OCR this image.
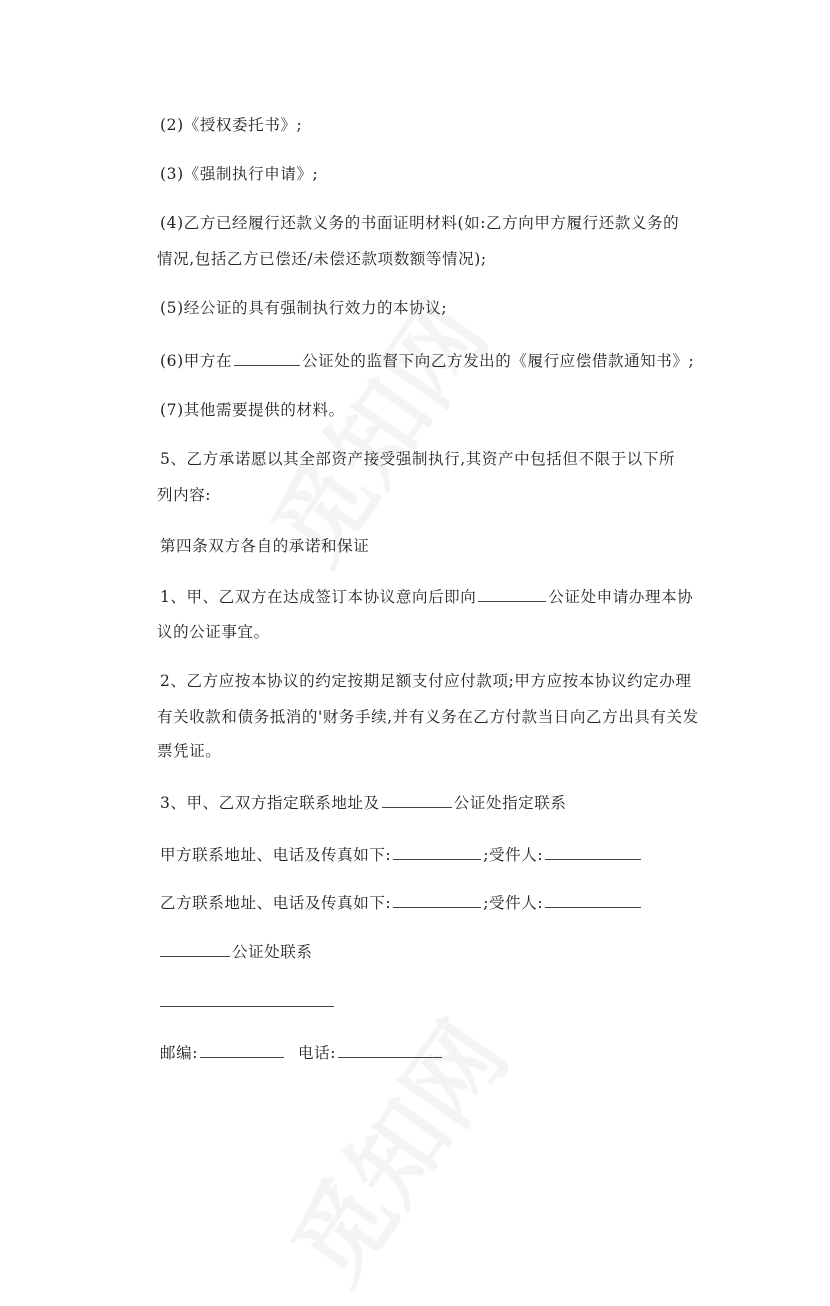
(2)《授权委托书》;
(3)《强制执行申请》;
(4)乙方已经履行还款义务的书面证明材料(如:乙方向甲方履行还款义务的
情况,包括乙方已偿还/未偿还款项数额等情况);
(5)经公证的具有强制执行效力的本协议;
(6)甲方在	公证处的监督下向乙方发出的《履行应偿借款通知书》;
(7)其他需要提供的材料。
5、乙方承诺愿以其全部资产接受强制执行,其资产中包括但不限于以下所
列内容:
第四条双方各自的承诺和保证
1、甲、乙双方在达成签订本协议意向后即向	公证处申请办理本协
议的公证事宜。
2、乙方应按本协议的约定按期足额支付应付款项;甲方应按本协议约定办理
有关收款和债务抵消的'财务手续,并有义务在乙方付款当日向乙方出具有关发
票凭证。
3、甲、乙双方指定联系地址及	公证处指定联系
甲方联系地址、电话及传真如下:	;受件人:
乙方联系地址、电话及传真如下:	;受件人:
公证处联系
邮编:	电话:
